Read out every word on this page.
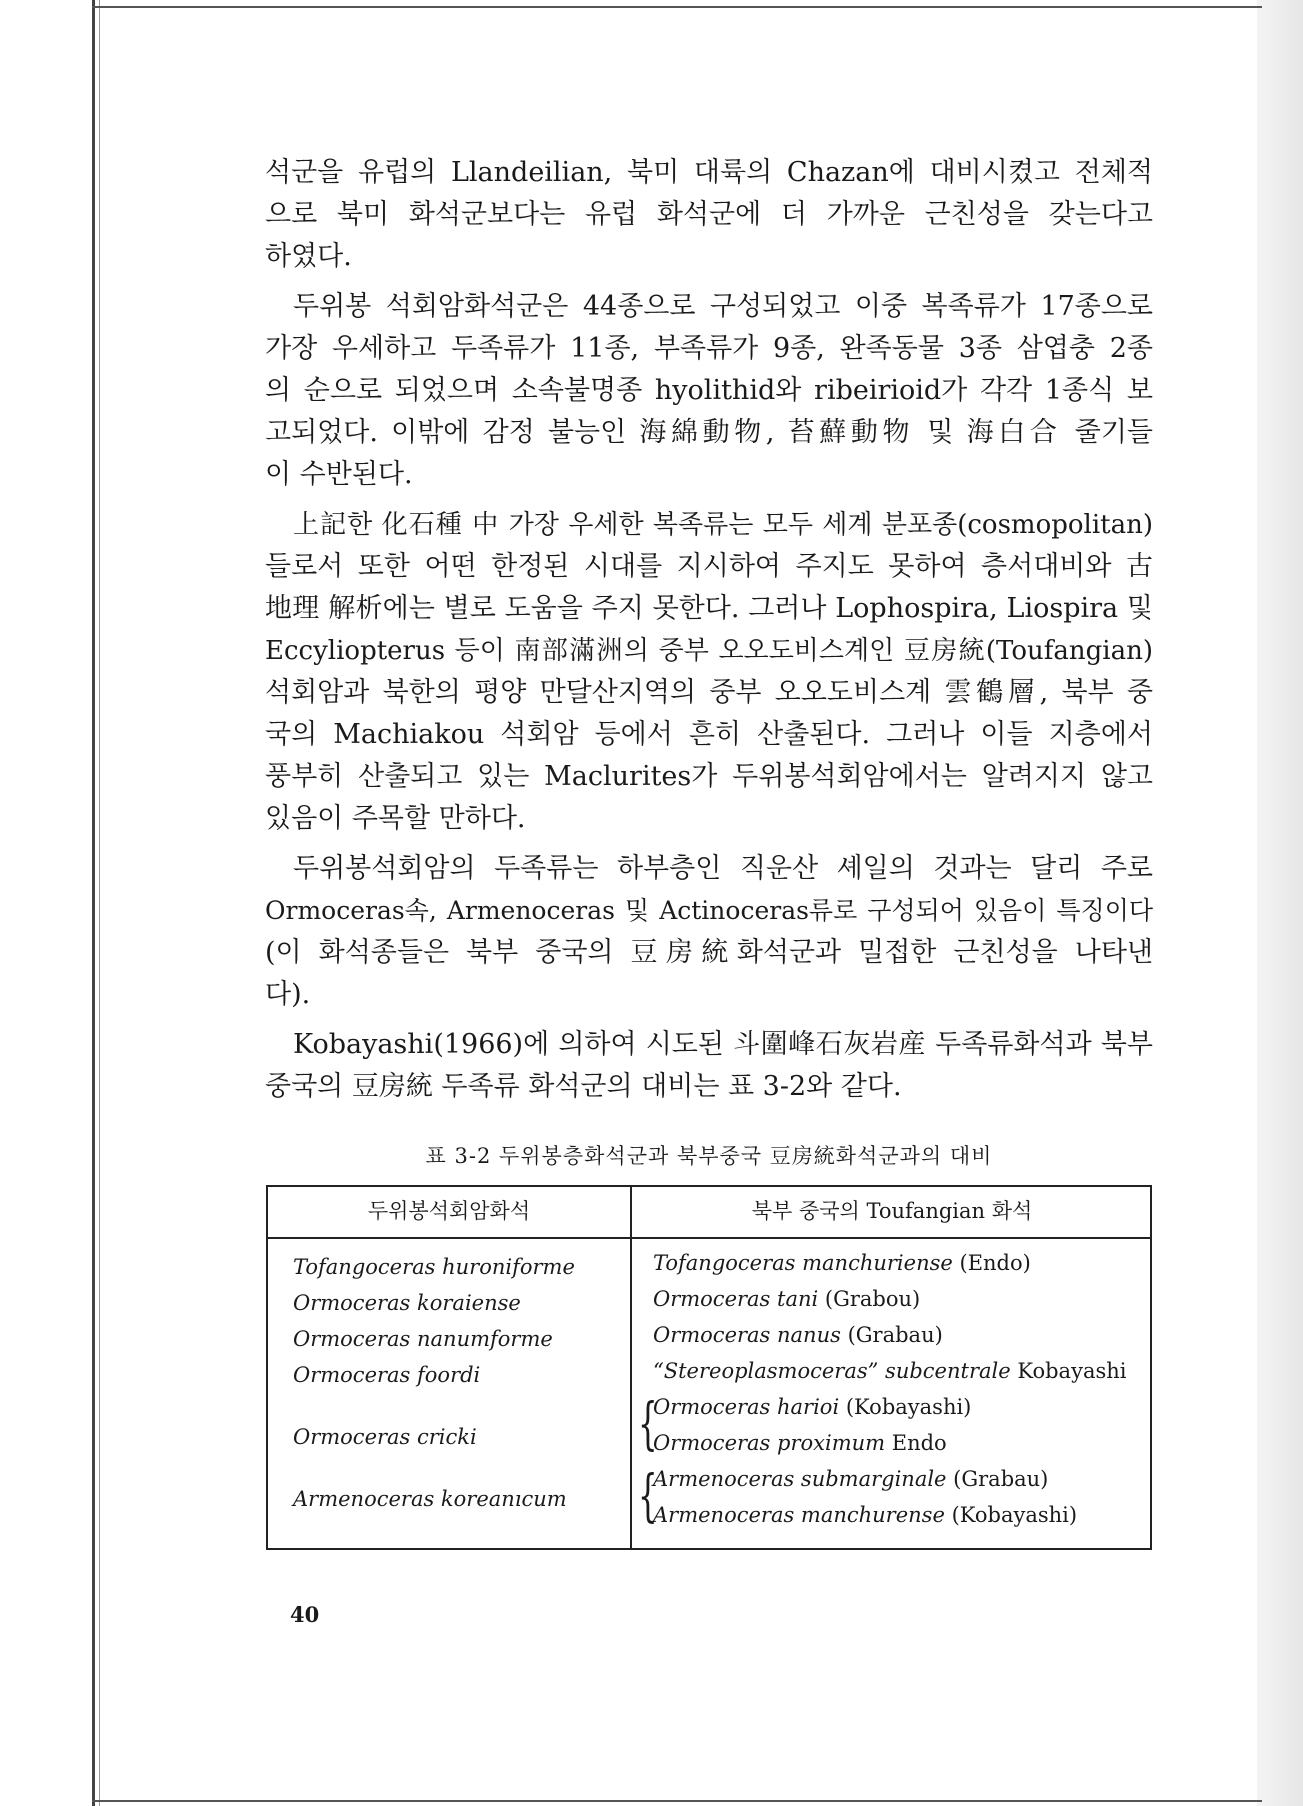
석군을 유럽의 Llandeilian, 북미 대륙의 Chazan에 대비시켰고 전체적
으로 북미 화석군보다는 유럽 화석군에 더 가까운 근친성을 갖는다고
하였다.

두위봉 석회암화석군은 44종으로 구성되었고 이중 복족류가 17종으로
가장 우세하고 두족류가 11종, 부족류가 9종, 완족동물 3종 삼엽충 2종
의 순으로 되었으며 소속불명종 hyolithid와 ribeirioid가 각각 1종식 보
고되었다. 이밖에 감정 불능인 海綿動物, 苔蘚動物 및 海白合 줄기들
이 수반된다.

上記한 化石種 中 가장 우세한 복족류는 모두 세계 분포종(cosmopolitan)
들로서 또한 어떤 한정된 시대를 지시하여 주지도 못하여 층서대비와 古
地理 解析에는 별로 도움을 주지 못한다. 그러나 Lophospira, Liospira 및
Eccyliopterus 등이 南部滿洲의 중부 오오도비스계인 豆房統(Toufangian)
석회암과 북한의 평양 만달산지역의 중부 오오도비스계 雲鶴層, 북부 중
국의 Machiakou 석회암 등에서 흔히 산출된다. 그러나 이들 지층에서
풍부히 산출되고 있는 Maclurites가 두위봉석회암에서는 알려지지 않고
있음이 주목할 만하다.

두위봉석회암의 두족류는 하부층인 직운산 셰일의 것과는 달리 주로
Ormoceras속, Armenoceras 및 Actinoceras류로 구성되어 있음이 특징이다
(이 화석종들은 북부 중국의 豆房統화석군과 밀접한 근친성을 나타낸
다).

Kobayashi(1966)에 의하여 시도된 斗圍峰石灰岩産 두족류화석과 북부
중국의 豆房統 두족류 화석군의 대비는 표 3-2와 같다.

표 3-2 두위봉층화석군과 북부중국 豆房統화석군과의 대비
두위봉석회암화석	북부 중국의 Toufangian 화석
Tofangoceras huroniforme
Ormoceras koraiense
Ormoceras nanumforme
Ormoceras foordi
Ormoceras cricki
Armenoceras koreanıcum
Tofangoceras manchuriense (Endo)
Ormoceras tani (Grabou)
Ormoceras nanus (Grabau)
“Stereoplasmoceras” subcentrale Kobayashi
{
Ormoceras harioi (Kobayashi)
Ormoceras proximum Endo
{
Armenoceras submarginale (Grabau)
Armenoceras manchurense (Kobayashi)
40
